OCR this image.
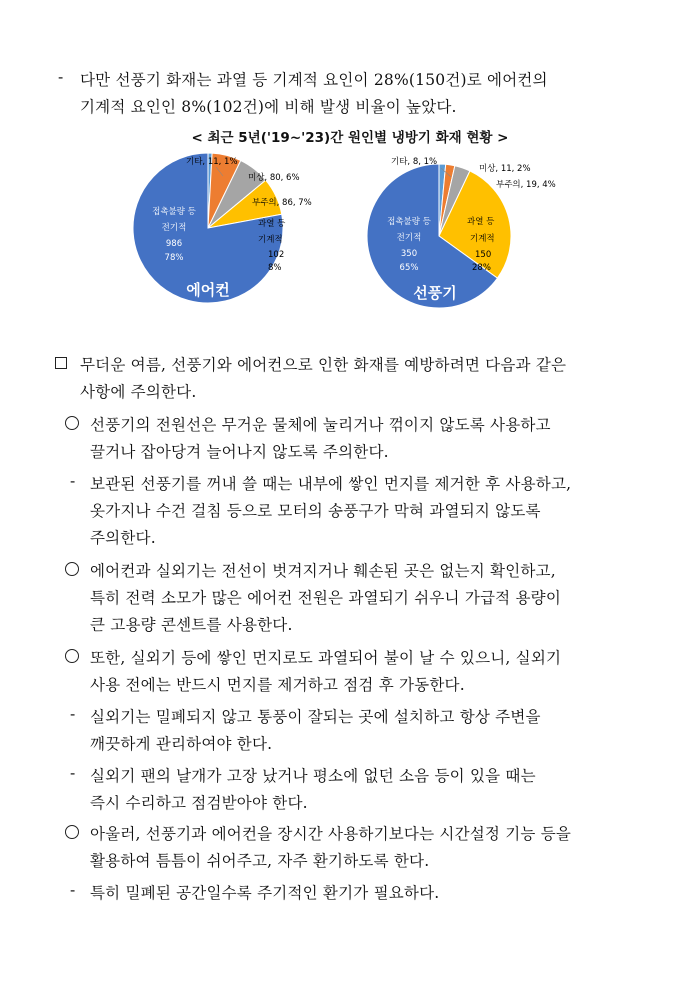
- 다만 선풍기 화재는 과열 등 기계적 요인이 28%(150건)로 에어컨의
기계적 요인인 8%(102건)에 비해 발생 비율이 높았다.
< 최근 5년('19~'23)간 원인별 냉방기 화재 현황 >
기타, 11, 1%
미상, 80, 6%
부주의, 86, 7%
과열 등
기계적
102
8%
접촉불량 등
전기적
986
78%
에어컨
기타, 8, 1%
미상, 11, 2%
부주의, 19, 4%
과열 등
기계적
150
28%
접촉불량 등
전기적
350
65%
선풍기
무더운 여름, 선풍기와 에어컨으로 인한 화재를 예방하려면 다음과 같은
사항에 주의한다.
선풍기의 전원선은 무거운 물체에 눌리거나 꺾이지 않도록 사용하고
끌거나 잡아당겨 늘어나지 않도록 주의한다.
- 보관된 선풍기를 꺼내 쓸 때는 내부에 쌓인 먼지를 제거한 후 사용하고,
옷가지나 수건 걸침 등으로 모터의 송풍구가 막혀 과열되지 않도록
주의한다.
에어컨과 실외기는 전선이 벗겨지거나 훼손된 곳은 없는지 확인하고,
특히 전력 소모가 많은 에어컨 전원은 과열되기 쉬우니 가급적 용량이
큰 고용량 콘센트를 사용한다.
또한, 실외기 등에 쌓인 먼지로도 과열되어 불이 날 수 있으니, 실외기
사용 전에는 반드시 먼지를 제거하고 점검 후 가동한다.
- 실외기는 밀폐되지 않고 통풍이 잘되는 곳에 설치하고 항상 주변을
깨끗하게 관리하여야 한다.
- 실외기 팬의 날개가 고장 났거나 평소에 없던 소음 등이 있을 때는
즉시 수리하고 점검받아야 한다.
아울러, 선풍기과 에어컨을 장시간 사용하기보다는 시간설정 기능 등을
활용하여 틈틈이 쉬어주고, 자주 환기하도록 한다.
- 특히 밀폐된 공간일수록 주기적인 환기가 필요하다.
